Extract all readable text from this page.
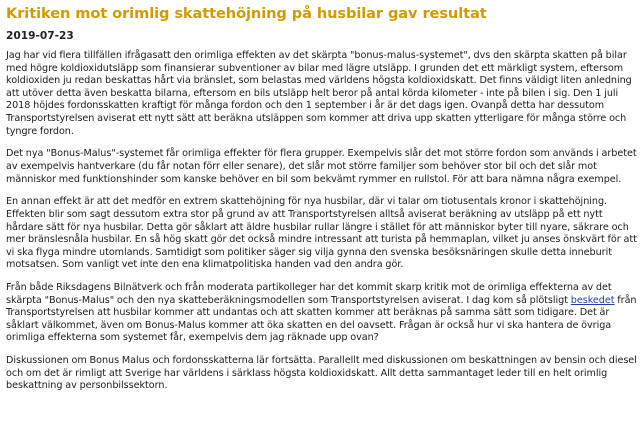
Kritiken mot orimlig skattehöjning på husbilar gav resultat
2019-07-23

Jag har vid flera tillfällen ifrågasatt den orimliga effekten av det skärpta "bonus-malus-systemet", dvs den skärpta skatten på bilar med högre koldioxidutsläpp som finansierar subventioner av bilar med lägre utsläpp. I grunden det ett märkligt system, eftersom koldioxiden ju redan beskattas hårt via bränslet, som belastas med världens högsta koldioxidskatt. Det finns väldigt liten anledning att utöver detta även beskatta bilarna, eftersom en bils utsläpp helt beror på antal körda kilometer - inte på bilen i sig. Den 1 juli 2018 höjdes fordonsskatten kraftigt för många fordon och den 1 september i år är det dags igen. Ovanpå detta har dessutom Transportstyrelsen aviserat ett nytt sätt att beräkna utsläppen som kommer att driva upp skatten ytterligare för många större och tyngre fordon.

Det nya "Bonus-Malus"-systemet får orimliga effekter för flera grupper. Exempelvis slår det mot större fordon som används i arbetet av exempelvis hantverkare (du får notan förr eller senare), det slår mot större familjer som behöver stor bil och det slår mot människor med funktionshinder som kanske behöver en bil som bekvämt rymmer en rullstol. För att bara nämna några exempel.

En annan effekt är att det medför en extrem skattehöjning för nya husbilar, där vi talar om tiotusentals kronor i skattehöjning. Effekten blir som sagt dessutom extra stor på grund av att Transportstyrelsen alltså aviserat beräkning av utsläpp på ett nytt hårdare sätt för nya husbilar. Detta gör såklart att äldre husbilar rullar längre i stället för att människor byter till nyare, säkrare och mer bränslesnåla husbilar. En så hög skatt gör det också mindre intressant att turista på hemmaplan, vilket ju anses önskvärt för att vi ska flyga mindre utomlands. Samtidigt som politiker säger sig vilja gynna den svenska besöksnäringen skulle detta inneburit motsatsen. Som vanligt vet inte den ena klimatpolitiska handen vad den andra gör.

Från både Riksdagens Bilnätverk och från moderata partikolleger har det kommit skarp kritik mot de orimliga effekterna av det skärpta "Bonus-Malus" och den nya skatteberäkningsmodellen som Transportstyrelsen aviserat. I dag kom så plötsligt beskedet från Transportstyrelsen att husbilar kommer att undantas och att skatten kommer att beräknas på samma sätt som tidigare. Det är såklart välkommet, även om Bonus-Malus kommer att öka skatten en del oavsett. Frågan är också hur vi ska hantera de övriga orimliga effekterna som systemet får, exempelvis dem jag räknade upp ovan?

Diskussionen om Bonus Malus och fordonsskatterna lär fortsätta. Parallellt med diskussionen om beskattningen av bensin och diesel och om det är rimligt att Sverige har världens i särklass högsta koldioxidskatt. Allt detta sammantaget leder till en helt orimlig beskattning av personbilssektorn.
